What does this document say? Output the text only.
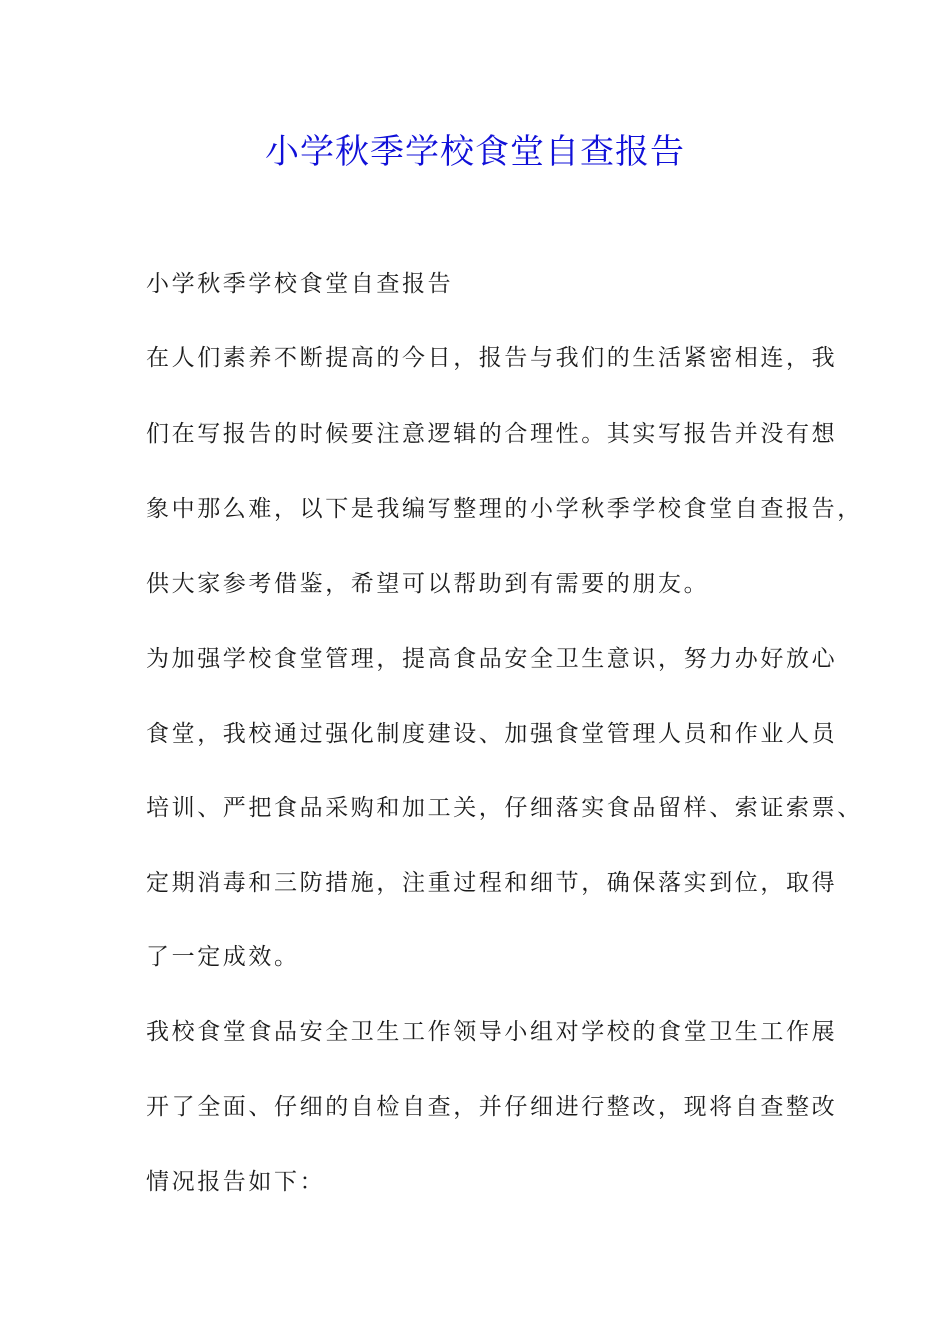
小学秋季学校食堂自查报告
小学秋季学校食堂自查报告
在人们素养不断提高的今日，报告与我们的生活紧密相连，我
们在写报告的时候要注意逻辑的合理性。其实写报告并没有想
象中那么难，以下是我编写整理的小学秋季学校食堂自查报告，
供大家参考借鉴，希望可以帮助到有需要的朋友。
为加强学校食堂管理，提高食品安全卫生意识，努力办好放心
食堂，我校通过强化制度建设、加强食堂管理人员和作业人员
培训、严把食品采购和加工关，仔细落实食品留样、索证索票、
定期消毒和三防措施，注重过程和细节，确保落实到位，取得
了一定成效。
我校食堂食品安全卫生工作领导小组对学校的食堂卫生工作展
开了全面、仔细的自检自查，并仔细进行整改，现将自查整改
情况报告如下：
